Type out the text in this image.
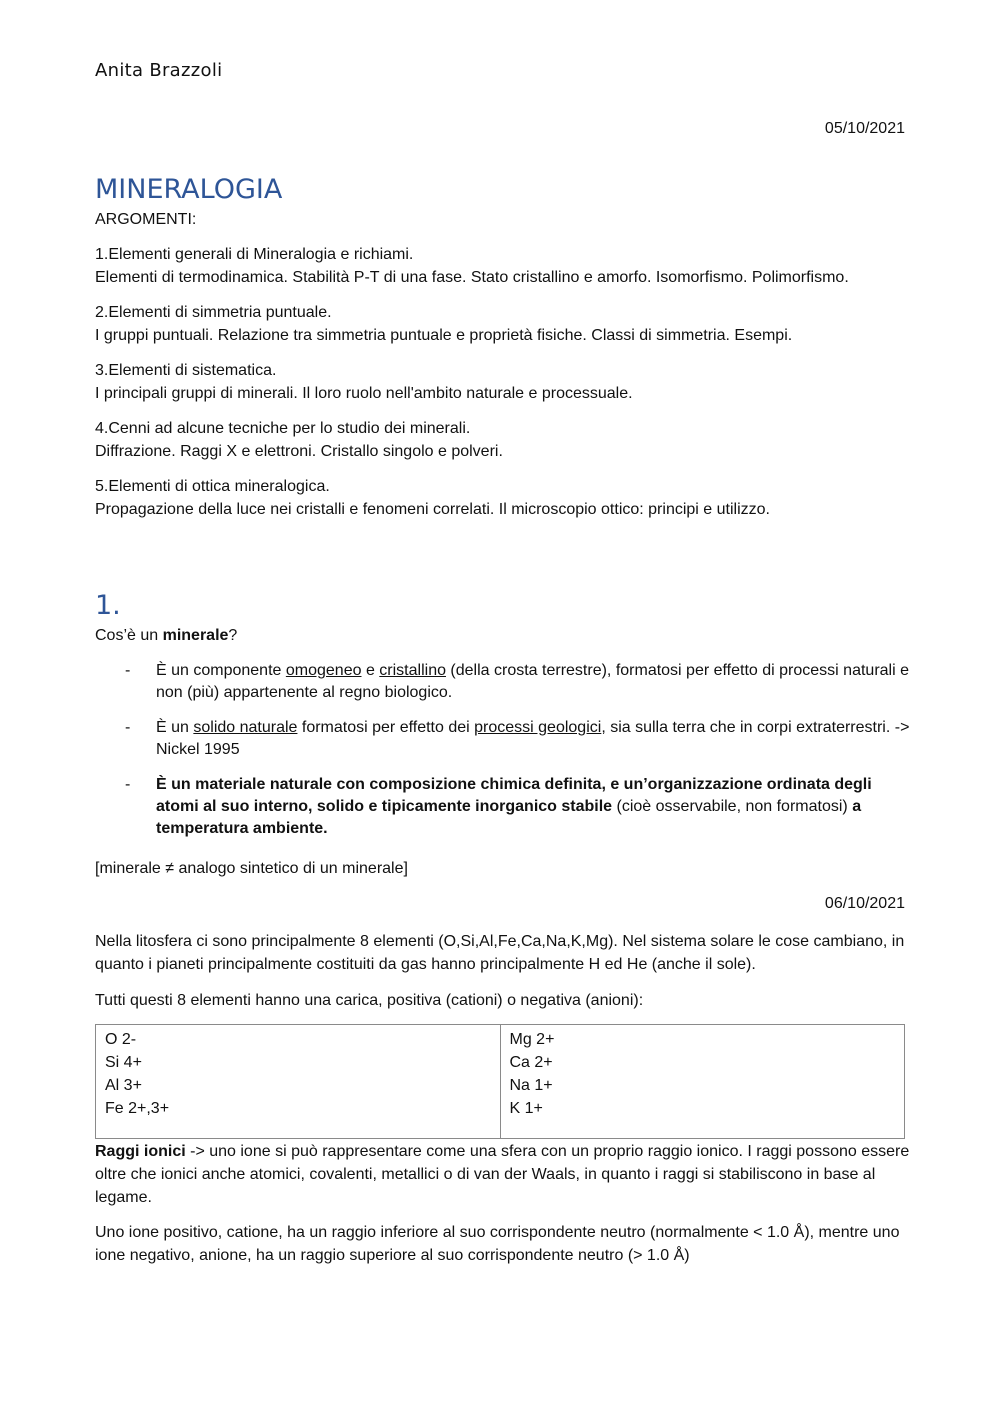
Anita Brazzoli
05/10/2021
MINERALOGIA

ARGOMENTI:

1.Elementi generali di Mineralogia e richiami.
Elementi di termodinamica. Stabilità P-T di una fase. Stato cristallino e amorfo. Isomorfismo. Polimorfismo.

2.Elementi di simmetria puntuale.
I gruppi puntuali. Relazione tra simmetria puntuale e proprietà fisiche. Classi di simmetria. Esempi.

3.Elementi di sistematica.
I principali gruppi di minerali. Il loro ruolo nell'ambito naturale e processuale.

4.Cenni ad alcune tecniche per lo studio dei minerali.
Diffrazione. Raggi X e elettroni. Cristallo singolo e polveri.

5.Elementi di ottica mineralogica.
Propagazione della luce nei cristalli e fenomeni correlati. Il microscopio ottico: principi e utilizzo.

1.
Cos’è un minerale?
- È un componente omogeneo e cristallino (della crosta terrestre), formatosi per effetto di processi naturali e non (più) appartenente al regno biologico.
- È un solido naturale formatosi per effetto dei processi geologici, sia sulla terra che in corpi extraterrestri. -> Nickel 1995
- È un materiale naturale con composizione chimica definita, e un’organizzazione ordinata degli atomi al suo interno, solido e tipicamente inorganico stabile (cioè osservabile, non formatosi) a temperatura ambiente.
[minerale ≠ analogo sintetico di un minerale]
06/10/2021
Nella litosfera ci sono principalmente 8 elementi (O,Si,Al,Fe,Ca,Na,K,Mg). Nel sistema solare le cose cambiano, in quanto i pianeti principalmente costituiti da gas hanno principalmente H ed He (anche il sole).
Tutti questi 8 elementi hanno una carica, positiva (cationi) o negativa (anioni):
O 2-
Si 4+
Al 3+
Fe 2+,3+

Mg 2+
Ca 2+
Na 1+
K 1+
Raggi ionici -> uno ione si può rappresentare come una sfera con un proprio raggio ionico. I raggi possono essere oltre che ionici anche atomici, covalenti, metallici o di van der Waals, in quanto i raggi si stabiliscono in base al legame.
Uno ione positivo, catione, ha un raggio inferiore al suo corrispondente neutro (normalmente < 1.0 Å), mentre uno ione negativo, anione, ha un raggio superiore al suo corrispondente neutro (> 1.0 Å)
